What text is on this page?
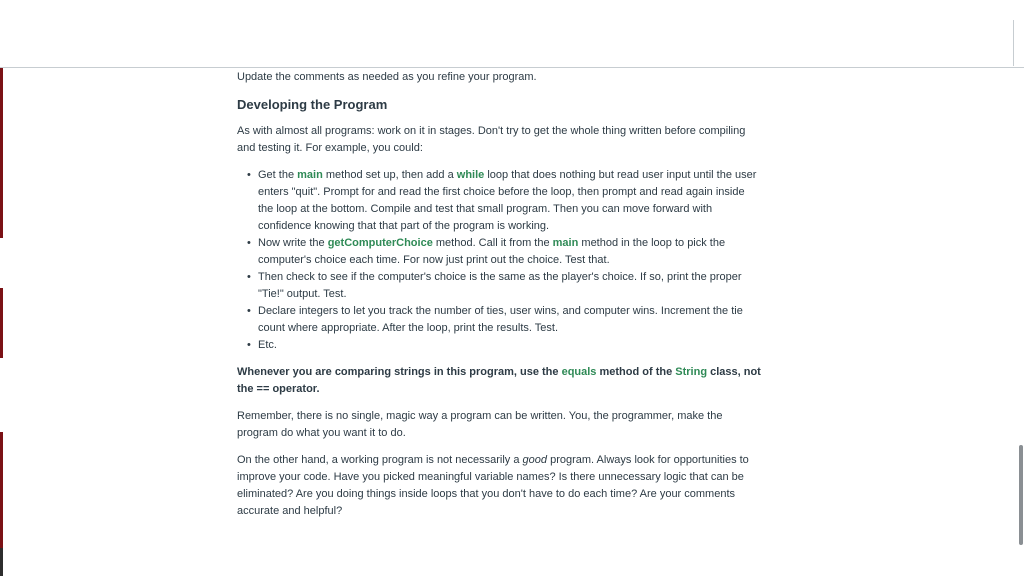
Update the comments as needed as you refine your program.

Developing the Program

As with almost all programs: work on it in stages. Don't try to get the whole thing written before compiling and testing it. For example, you could:

• Get the main method set up, then add a while loop that does nothing but read user input until the user enters "quit". Prompt for and read the first choice before the loop, then prompt and read again inside the loop at the bottom. Compile and test that small program. Then you can move forward with confidence knowing that that part of the program is working.
• Now write the getComputerChoice method. Call it from the main method in the loop to pick the computer's choice each time. For now just print out the choice. Test that.
• Then check to see if the computer's choice is the same as the player's choice. If so, print the proper "Tie!" output. Test.
• Declare integers to let you track the number of ties, user wins, and computer wins. Increment the tie count where appropriate. After the loop, print the results. Test.
• Etc.

Whenever you are comparing strings in this program, use the equals method of the String class, not the == operator.

Remember, there is no single, magic way a program can be written. You, the programmer, make the program do what you want it to do.

On the other hand, a working program is not necessarily a good program. Always look for opportunities to improve your code. Have you picked meaningful variable names? Is there unnecessary logic that can be eliminated? Are you doing things inside loops that you don't have to do each time? Are your comments accurate and helpful?
